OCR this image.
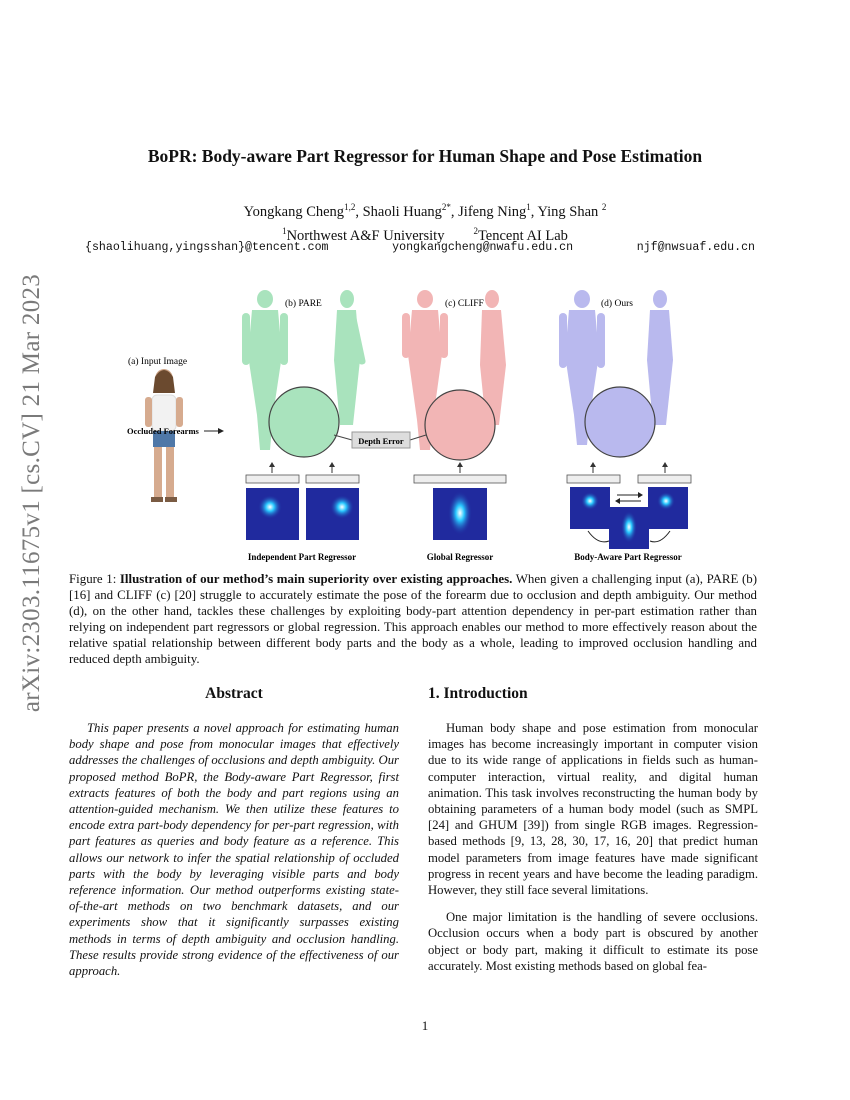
arXiv:2303.11675v1 [cs.CV] 21 Mar 2023
BoPR: Body-aware Part Regressor for Human Shape and Pose Estimation
Yongkang Cheng$^{1,2}$, Shaoli Huang$^{2*}$, Jifeng Ning$^1$, Ying Shan $^2$
$^1$Northwest A&F University	$^2$Tencent AI Lab
{shaolihuang,yingsshan}@tencent.com	yongkangcheng@nwafu.edu.cn	njf@nwsuaf.edu.cn
(a) Input Image
Occluded Forearms
(b) PARE	(c) CLIFF
Depth Error
(d) Ours
Independent Part Regressor	Global Regressor	Body-Aware Part Regressor
Figure 1: Illustration of our method’s main superiority over existing approaches. When given a challenging input (a), PARE (b) [16] and CLIFF (c) [20] struggle to accurately estimate the pose of the forearm due to occlusion and depth ambiguity. Our method (d), on the other hand, tackles these challenges by exploiting body-part attention dependency in per-part estimation rather than relying on independent part regressors or global regression. This approach enables our method to more effectively reason about the relative spatial relationship between different body parts and the body as a whole, leading to improved occlusion handling and reduced depth ambiguity.
Abstract
This paper presents a novel approach for estimating human body shape and pose from monocular images that effectively addresses the challenges of occlusions and depth ambiguity. Our proposed method BoPR, the Body-aware Part Regressor, first extracts features of both the body and part regions using an attention-guided mechanism. We then utilize these features to encode extra part-body dependency for per-part regression, with part features as queries and body feature as a reference. This allows our network to infer the spatial relationship of occluded parts with the body by leveraging visible parts and body reference information. Our method outperforms existing state-of-the-art methods on two benchmark datasets, and our experiments show that it significantly surpasses existing methods in terms of depth ambiguity and occlusion handling. These results provide strong evidence of the effectiveness of our approach.
1. Introduction

Human body shape and pose estimation from monocular images has become increasingly important in computer vision due to its wide range of applications in fields such as human-computer interaction, virtual reality, and digital human animation. This task involves reconstructing the human body by obtaining parameters of a human body model (such as SMPL [24] and GHUM [39]) from single RGB images. Regression-based methods [9, 13, 28, 30, 17, 16, 20] that predict human model parameters from image features have made significant progress in recent years and have become the leading paradigm. However, they still face several limitations.

One major limitation is the handling of severe occlusions. Occlusion occurs when a body part is obscured by another object or body part, making it difficult to estimate its pose accurately. Most existing methods based on global fea-

1
